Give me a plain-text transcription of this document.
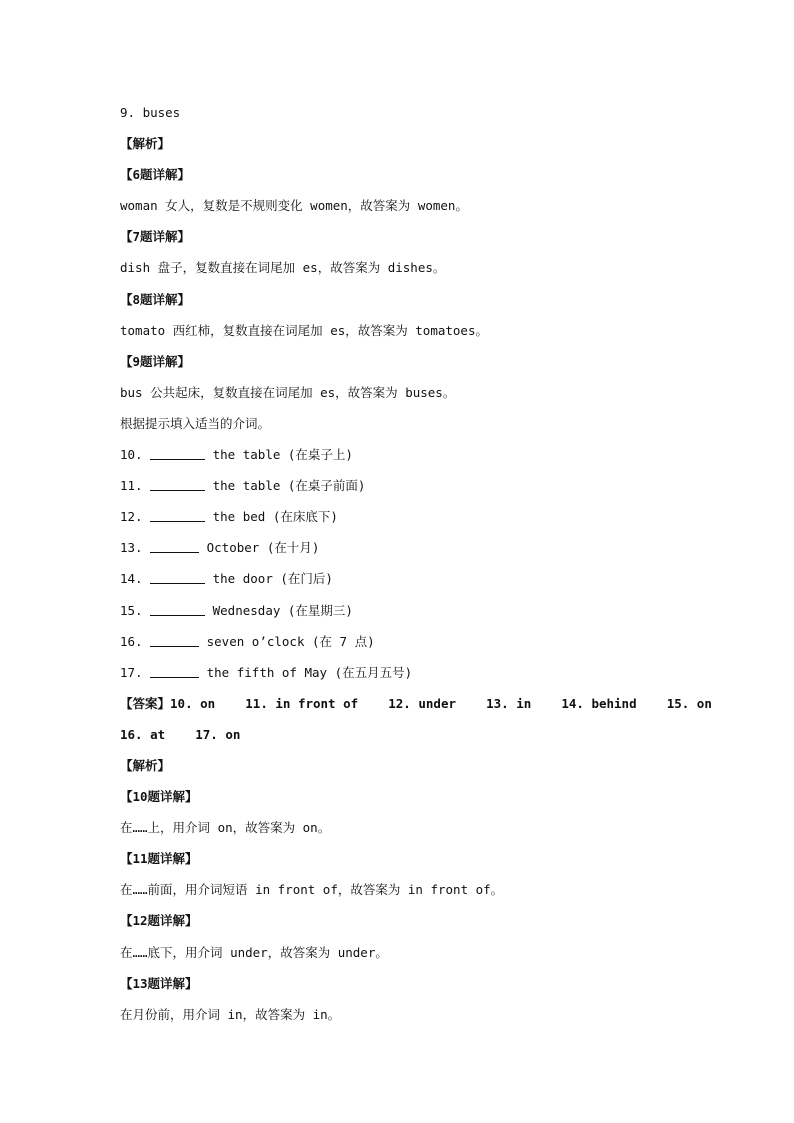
9. buses
【解析】
【6题详解】
woman 女人，复数是不规则变化 women，故答案为 women。
【7题详解】
dish 盘子，复数直接在词尾加 es，故答案为 dishes。
【8题详解】
tomato 西红柿，复数直接在词尾加 es，故答案为 tomatoes。
【9题详解】
bus 公共起床，复数直接在词尾加 es，故答案为 buses。
根据提示填入适当的介词。
10.	the table (在桌子上)
11.	the table (在桌子前面)
12.	the bed (在床底下)
13.	October (在十月)
14.	the door (在门后)
15.	Wednesday (在星期三)
16.	seven o’clock (在 7 点)
17.	the fifth of May (在五月五号)
【答案】10. on    11. in front of    12. under    13. in    14. behind    15. on
16. at    17. on
【解析】
【10题详解】
在……上，用介词 on，故答案为 on。
【11题详解】
在……前面，用介词短语 in front of，故答案为 in front of。
【12题详解】
在……底下，用介词 under，故答案为 under。
【13题详解】
在月份前，用介词 in，故答案为 in。
